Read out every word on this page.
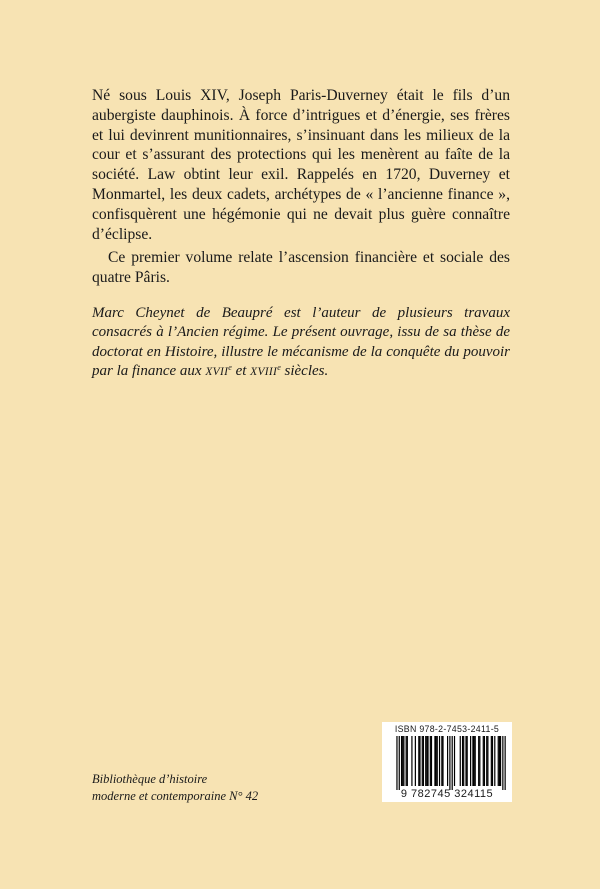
Né sous Louis XIV, Joseph Paris-Duverney était le fils d’un aubergiste dauphinois. À force d’intrigues et d’énergie, ses frères et lui devinrent munitionnaires, s’insinuant dans les milieux de la cour et s’assurant des protections qui les menèrent au faîte de la société. Law obtint leur exil. Rappelés en 1720, Duverney et Monmartel, les deux cadets, archétypes de « l’ancienne finance », confisquèrent une hégémonie qui ne devait plus guère connaître d’éclipse.

Ce premier volume relate l’ascension financière et sociale des quatre Pâris.

Marc Cheynet de Beaupré est l’auteur de plusieurs travaux consacrés à l’Ancien régime. Le présent ouvrage, issu de sa thèse de doctorat en Histoire, illustre le mécanisme de la conquête du pouvoir par la finance aux XVIIe et XVIIIe siècles.
Bibliothèque d’histoire
moderne et contemporaine N° 42
ISBN 978-2-7453-2411-5
9 782745 324115
